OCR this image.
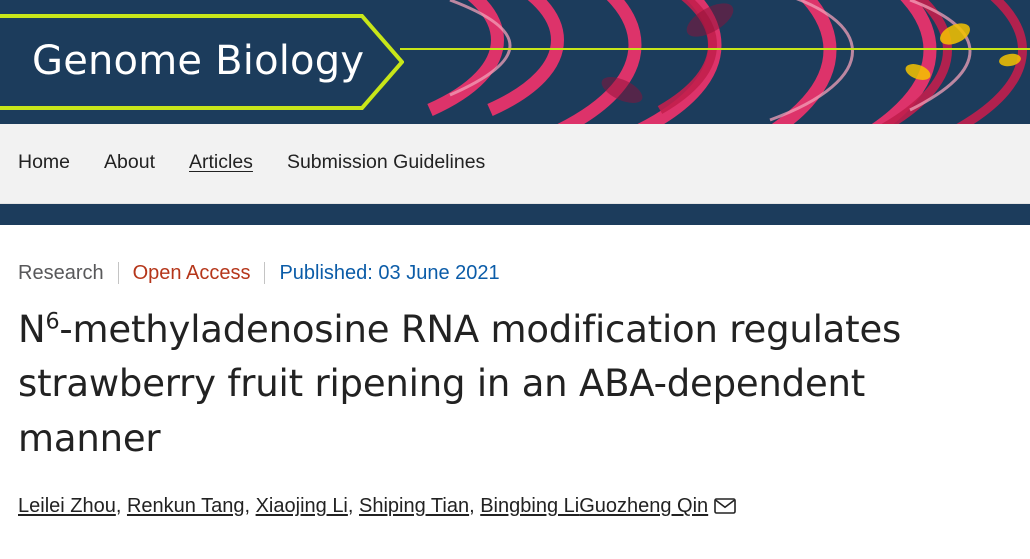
Genome Biology
Home About Articles Submission Guidelines
Research Open Access Published: 03 June 2021
$N^6$-methyladenosine RNA modification regulates strawberry fruit ripening in an ABA-dependent manner
Leilei Zhou, Renkun Tang, Xiaojing Li, Shiping Tian, Bingbing LiGuozheng Qin
